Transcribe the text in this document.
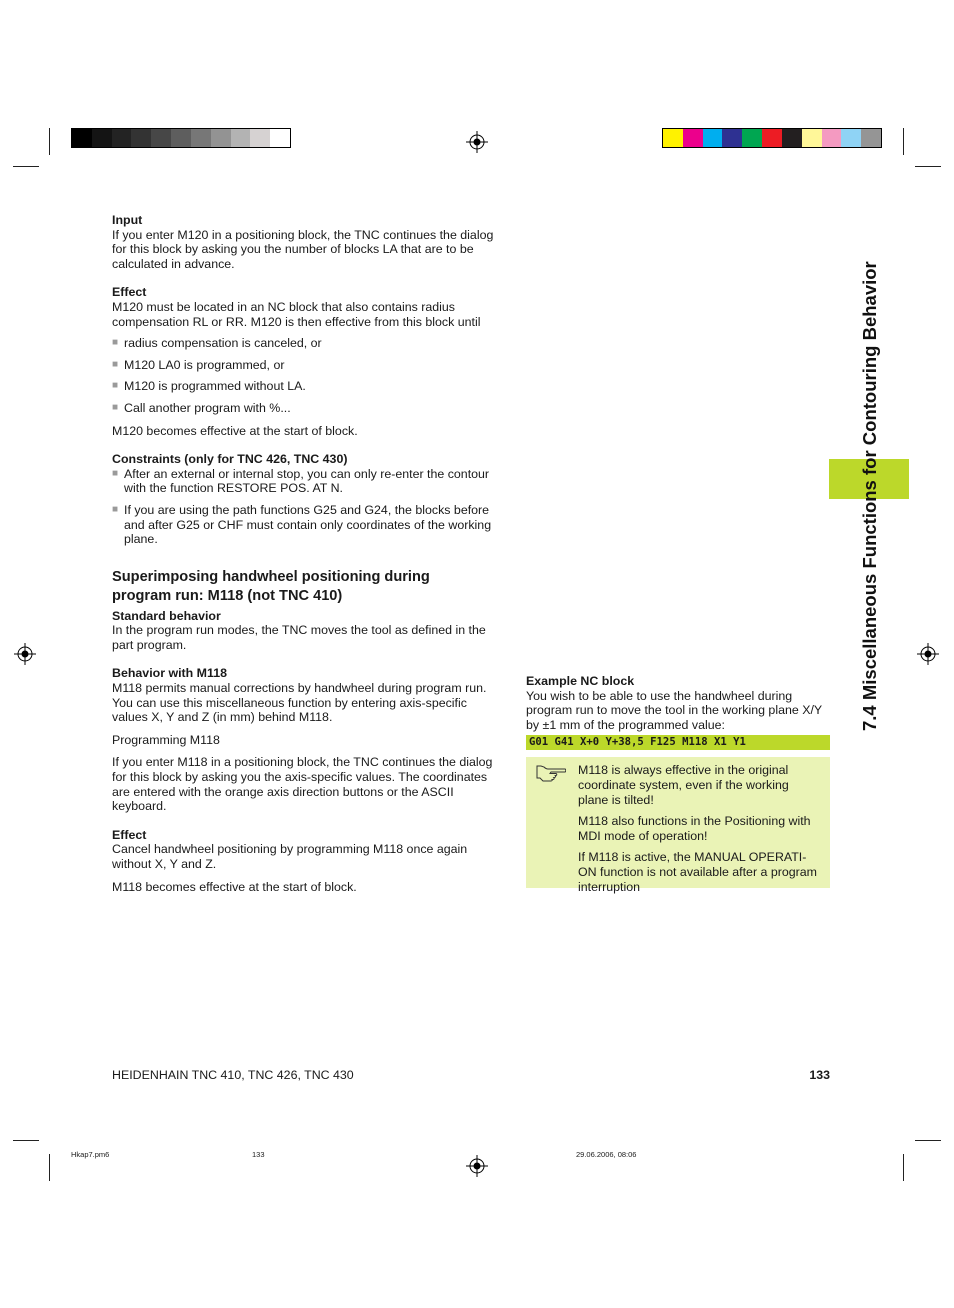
7.4 Miscellaneous Functions for Contouring Behavior

Input

If you enter M120 in a positioning block, the TNC continues the dialog for this block by asking you the number of blocks LA that are to be calculated in advance.

Effect

M120 must be located in an NC block that also contains radius compensation RL or RR. M120 is then effective from this block until

■ radius compensation is canceled, or
■ M120 LA0 is programmed, or
■ M120 is programmed without LA.
■ Call another program with %...

M120 becomes effective at the start of block.

Constraints (only for TNC 426, TNC 430)

■ After an external or internal stop, you can only re-enter the contour with the function RESTORE POS. AT N.
■ If you are using the path functions G25 and G24, the blocks before and after G25 or CHF must contain only coordinates of the working plane.

Superimposing handwheel positioning during
program run: M118 (not TNC 410)

Standard behavior

In the program run modes, the TNC moves the tool as defined in the part program.

Behavior with M118

M118 permits manual corrections by handwheel during program run. You can use this miscellaneous function by entering axis-specific values X, Y and Z (in mm) behind M118.

Programming M118

If you enter M118 in a positioning block, the TNC continues the dialog for this block by asking you the axis-specific values. The coordinates are entered with the orange axis direction buttons or the ASCII keyboard.

Effect

Cancel handwheel positioning by programming M118 once again without X, Y and Z.

M118 becomes effective at the start of block.

Example NC block

You wish to be able to use the handwheel during program run to move the tool in the working plane X/Y by ±1 mm of the programmed value:

G01 G41 X+0 Y+38,5 F125 M118 X1 Y1

M118 is always effective in the original coordinate system, even if the working plane is tilted!

M118 also functions in the Positioning with MDI mode of operation!

If M118 is active, the MANUAL OPERATI-ON function is not available after a program interruption

HEIDENHAIN TNC 410, TNC 426, TNC 430	133
Hkap7.pm6	133	29.06.2006, 08:06
